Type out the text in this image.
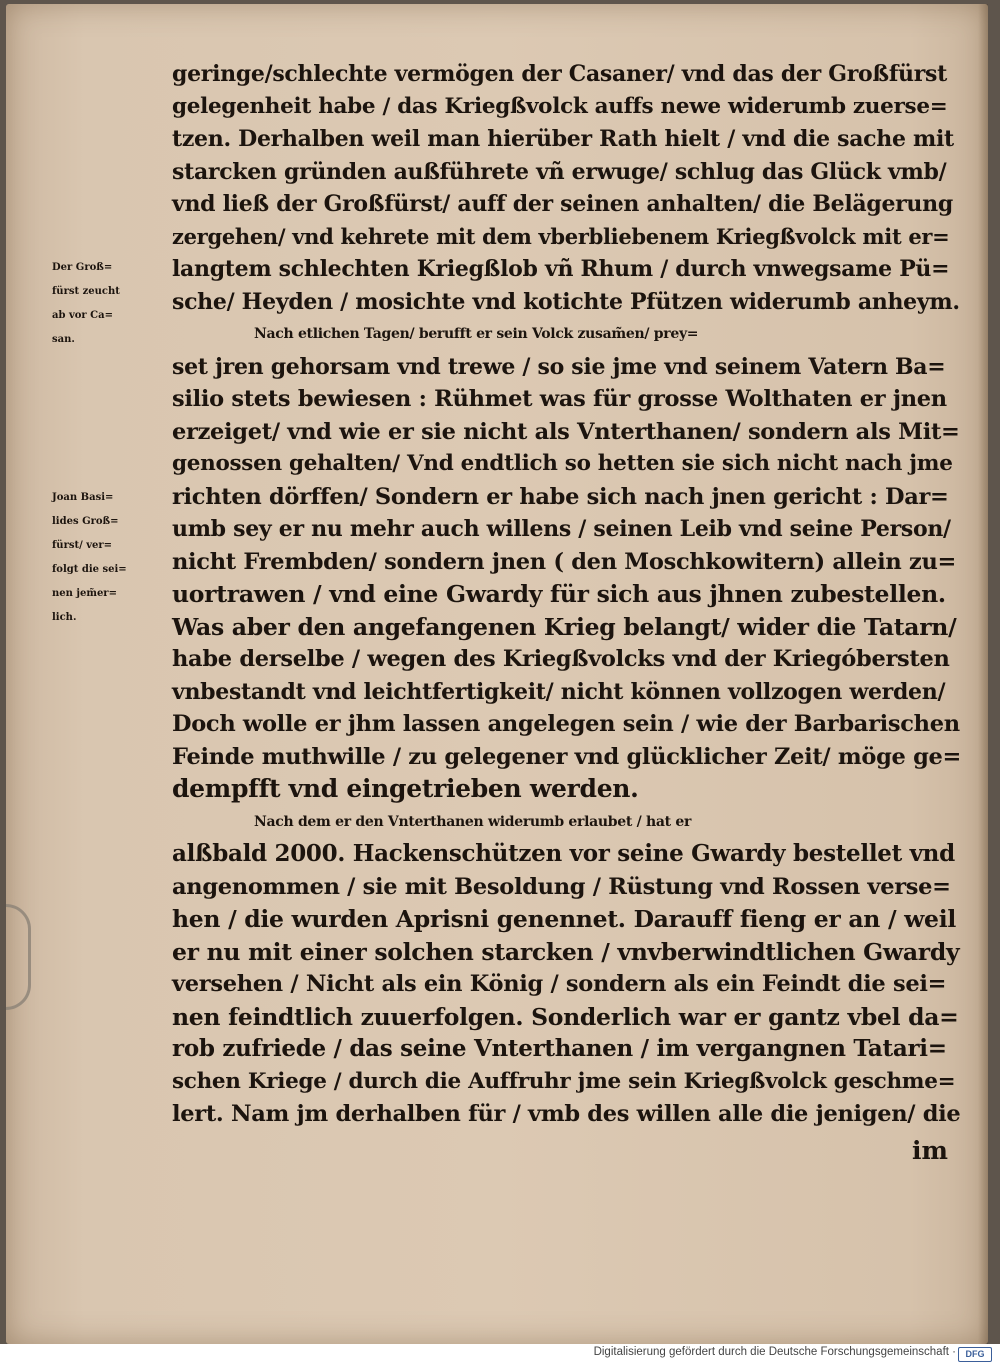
geringe/schlechte vermögen der Casaner/ vnd das der Großfürst
gelegenheit habe / das Kriegßvolck auffs newe widerumb zuerse=
tzen. Derhalben weil man hierüber Rath hielt / vnd die sache mit
starcken gründen außführete vñ erwuge/ schlug das Glück vmb/
vnd ließ der Großfürst/ auff der seinen anhalten/ die Belägerung
zergehen/ vnd kehrete mit dem vberbliebenem Kriegßvolck mit er=
langtem schlechten Kriegßlob vñ Rhum / durch vnwegsame Pü=
sche/ Heyden / mosichte vnd kotichte Pfützen widerumb anheym.
Nach etlichen Tagen/ berufft er sein Volck zusam̃en/ prey=
set jren gehorsam vnd trewe / so sie jme vnd seinem Vatern Ba=
silio stets bewiesen : Rühmet was für grosse Wolthaten er jnen
erzeiget/ vnd wie er sie nicht als Vnterthanen/ sondern als Mit=
genossen gehalten/ Vnd endtlich so hetten sie sich nicht nach jme
richten dörffen/ Sondern er habe sich nach jnen gericht : Dar=
umb sey er nu mehr auch willens / seinen Leib vnd seine Person/
nicht Frembden/ sondern jnen ( den Moschkowitern) allein zu=
uortrawen / vnd eine Gwardy für sich aus jhnen zubestellen.
Was aber den angefangenen Krieg belangt/ wider die Tatarn/
habe derselbe / wegen des Kriegßvolcks vnd der Kriegóbersten
vnbestandt vnd leichtfertigkeit/ nicht können vollzogen werden/
Doch wolle er jhm lassen angelegen sein / wie der Barbarischen
Feinde muthwille / zu gelegener vnd glücklicher Zeit/ möge ge=
dempfft vnd eingetrieben werden.
Nach dem er den Vnterthanen widerumb erlaubet / hat er
alßbald 2000. Hackenschützen vor seine Gwardy bestellet vnd
angenommen / sie mit Besoldung / Rüstung vnd Rossen verse=
hen / die wurden Aprisni genennet. Darauff fieng er an / weil
er nu mit einer solchen starcken / vnvberwindtlichen Gwardy
versehen / Nicht als ein König / sondern als ein Feindt die sei=
nen feindtlich zuuerfolgen. Sonderlich war er gantz vbel da=
rob zufriede / das seine Vnterthanen / im vergangnen Tatari=
schen Kriege / durch die Auffruhr jme sein Kriegßvolck geschme=
lert. Nam jm derhalben für / vmb des willen alle die jenigen/ die
im
Der Groß=
fürst zeucht
ab vor Ca=
san.
Joan Basi=
lides Groß=
fürst/ ver=
folgt die sei=
nen jem̃er=
lich.
Digitalisierung gefördert durch die Deutsche Forschungsgemeinschaft ·	DFG
